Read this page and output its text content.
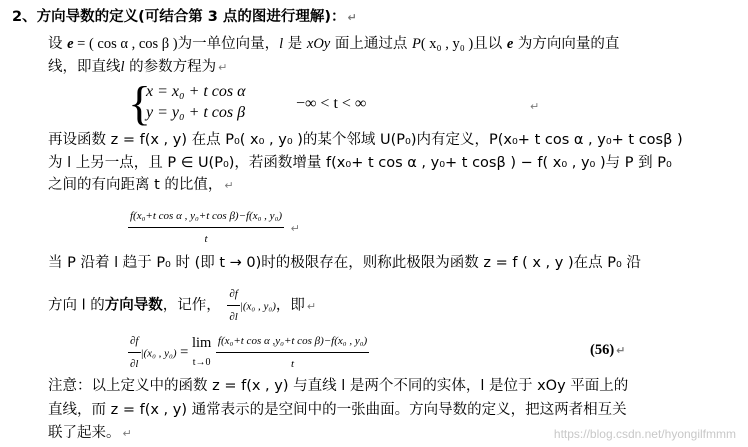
2、方向导数的定义(可结合第 3 点的图进行理解)： ↵
设 e = ( cos α , cos β )为一单位向量，l 是 xOy 面上通过点 P( x₀ , y₀ )且以 e 为方向向量的直
线，即直线l 的参数方程为 ↵
{
x = x₀ + t cos α
y = y₀ + t cos β
−∞ < t < ∞	↵
再设函数 z = f(x , y) 在点 P₀( x₀ , y₀ )的某个邻域 U(P₀)内有定义，P(x₀+ t cos α , y₀+ t cosβ )
为 l 上另一点，且 P ∈ U(P₀)，若函数增量 f(x₀+ t cos α , y₀+ t cosβ ) − f( x₀ , y₀ )与 P 到 P₀
之间的有向距离 t 的比值， ↵
$\frac{\text{f(x₀+t cos α , y₀+t cos β)−f(x₀ , y₀)}}{t}$ ↵
当 P 沿着 l 趋于 P₀ 时 (即 t → 0)时的极限存在，则称此极限为函数 z = f ( x , y )在点 P₀ 沿
方向 l 的方向导数，记作， $\frac{\partial f}{\partial l} |(x_0$ , y₀)，即 ↵
$\frac{\partial f}{\partial l} |(x_0$ , y₀) =
lim
t→0
$\frac{\text{f(x₀+t cos α ,y₀+t cos β)−f(x₀ , y₀)}}{t}$	(56) ↵
注意：以上定义中的函数 z = f(x , y) 与直线 l 是两个不同的实体，l 是位于 xOy 平面上的
直线，而 z = f(x , y) 通常表示的是空间中的一张曲面。方向导数的定义，把这两者相互关
联了起来。 ↵	https://blog.csdn.net/hyongilfmmm
